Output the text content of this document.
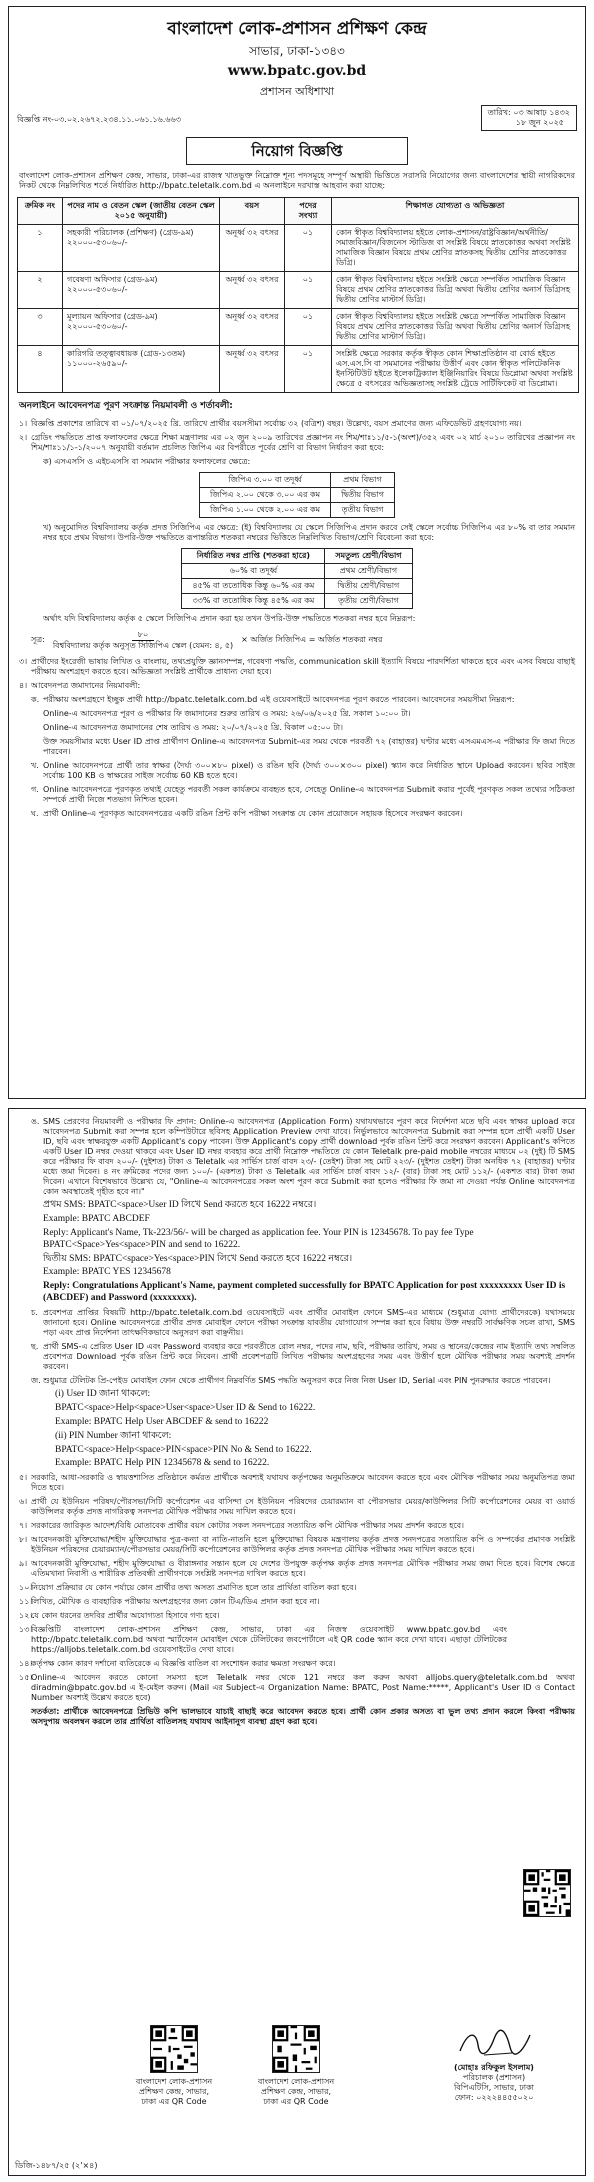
বাংলাদেশ লোক-প্রশাসন প্রশিক্ষণ কেন্দ্র
সাভার, ঢাকা-১৩৪৩
www.bpatc.gov.bd
প্রশাসন অধিশাখা
বিজ্ঞপ্তি নং-০৩.০২.২৬৭২.২৩৪.১১.০৬১.১৬.৬৬৩
তারিখ: ০৩ আষাঢ় ১৪৩২
১৮ জুন ২০২৫
নিয়োগ বিজ্ঞপ্তি
বাংলাদেশ লোক-প্রশাসন প্রশিক্ষণ কেন্দ্র, সাভার, ঢাকা-এর রাজস্ব খাতভুক্ত নিম্নোক্ত শূন্য পদসমূহে সম্পূর্ণ অস্থায়ী ভিত্তিতে সরাসরি নিয়োগের জন্য বাংলাদেশের স্থায়ী নাগরিকদের নিকট থেকে নিম্নলিখিত শর্তে নির্ধারিত http://bpatc.teletalk.com.bd এ অনলাইনে দরখাস্ত আহবান করা যাচ্ছে:
ক্রমিক নং	পদের নাম ও বেতন স্কেল (জাতীয় বেতন স্কেল ২০১৫ অনুযায়ী)	বয়স	পদের সংখ্যা	শিক্ষাগত যোগ্যতা ও অভিজ্ঞতা
১	সহকারী পরিচালক (প্রশিক্ষণ) (গ্রেড-৯ম) ২২০০০-৫৩০৬০/-	অনূর্ধ্ব ৩২ বৎসর	০১	কোন স্বীকৃত বিশ্ববিদ্যালয় হইতে লোক-প্রশাসন/রাষ্ট্রবিজ্ঞান/অর্থনীতি/সমাজবিজ্ঞান/বিজনেস স্টাডিজ বা সংশ্লিষ্ট বিষয়ে স্নাতকোত্তর অথবা সংশ্লিষ্ট সামাজিক বিজ্ঞান বিষয়ে প্রথম শ্রেণির স্নাতকসহ দ্বিতীয় শ্রেণির স্নাতকোত্তর ডিগ্রি।
২	গবেষণা অফিসার (গ্রেড-৯ম) ২২০০০-৫৩০৬০/-	অনূর্ধ্ব ৩২ বৎসর	০১	কোন স্বীকৃত বিশ্ববিদ্যালয় হইতে সংশ্লিষ্ট ক্ষেত্রে সম্পর্কিত সামাজিক বিজ্ঞান বিষয়ে প্রথম শ্রেণির স্নাতকোত্তর ডিগ্রি অথবা দ্বিতীয় শ্রেণির অনার্স ডিগ্রিসহ দ্বিতীয় শ্রেণির মাস্টার্স ডিগ্রি।
৩	মূল্যায়ন অফিসার (গ্রেড-৯ম) ২২০০০-৫৩০৬০/-	অনূর্ধ্ব ৩২ বৎসর	০১	কোন স্বীকৃত বিশ্ববিদ্যালয় হইতে সংশ্লিষ্ট ক্ষেত্রে সম্পর্কিত সামাজিক বিজ্ঞান বিষয়ে প্রথম শ্রেণির স্নাতকোত্তর ডিগ্রি অথবা দ্বিতীয় শ্রেণির অনার্স ডিগ্রিসহ দ্বিতীয় শ্রেণির মাস্টার্স ডিগ্রি।
৪	কারিগরি তত্ত্বাবধায়ক (গ্রেড-১৩তম) ১১০০০-২৬৫৯০/-	অনূর্ধ্ব ৩২ বৎসর	০১	সংশ্লিষ্ট ক্ষেত্রে সরকার কর্তৃক স্বীকৃত কোন শিক্ষাপ্রতিষ্ঠান বা বোর্ড হইতে এস.এস.সি বা সমমানের পরীক্ষায় উত্তীর্ণ এবং কোন স্বীকৃত পলিটেকনিক ইনস্টিটিউট হইতে ইলেকট্রিক্যাল ইঞ্জিনিয়ারিং বিষয়ে ডিপ্লোমা অথবা সংশ্লিষ্ট ক্ষেত্রে ৫ বৎসরের অভিজ্ঞতাসহ সংশ্লিষ্ট ট্রেডে সার্টিফিকেট বা ডিপ্লোমা।
অনলাইনে আবেদনপত্র পূরণ সংক্রান্ত নিয়মাবলী ও শর্তাবলী:
১। বিজ্ঞপ্তি প্রকাশের তারিখে বা ০১/০৭/২০২৫ খ্রি. তারিখে প্রার্থীর বয়সসীমা সর্বোচ্চ ৩২ (বত্রিশ) বছর। উল্লেখ্য, বয়স প্রমাণের জন্য এফিডেভিট গ্রহণযোগ্য নয়।
২। গ্রেডিং পদ্ধতিতে প্রাপ্ত ফলাফলের ক্ষেত্রে শিক্ষা মন্ত্রণালয় এর ০২ জুন ২০০৯ তারিখের প্রজ্ঞাপন নং শিম/শাঃ১১/৫-১(অংশ)/৩৫২ এবং ০২ মার্চ ২০১০ তারিখের প্রজ্ঞাপন নং শিম/শাঃ১১/১-১/২০০৭ অনুযায়ী বর্তমান প্রচলিত জিপিএ এর বিপরীতে পূর্বের শ্রেণি বা বিভাগ নির্ধারণ করা হবে:
ক) এসএসসি ও এইচএসসি বা সমমান পরীক্ষার ফলাফলের ক্ষেত্রে:
জিপিএ ৩.০০ বা তদূর্ধ্ব	প্রথম বিভাগ
জিপিএ ২.০০ থেকে ৩.০০ এর কম	দ্বিতীয় বিভাগ
জিপিএ ১.০০ থেকে ২.০০ এর কম	তৃতীয় বিভাগ
খ) অনুমোদিত বিশ্ববিদ্যালয় কর্তৃক প্রদত্ত সিজিপিএ এর ক্ষেত্রে: (ই) বিশ্ববিদ্যালয় যে স্কেলে সিজিপিএ প্রদান করবে সেই স্কেলে সর্বোচ্চ সিজিপিএ এর ৮০% বা তার সমমান নম্বর হবে প্রথম বিভাগ। উপরি-উক্ত পদ্ধতিতে রূপান্তরিত শতকরা নম্বরের ভিত্তিতে নিম্নলিখিত বিভাগ/শ্রেণি বিবেচনা করা হবে:
নির্ধারিত নম্বর প্রাপ্তি (শতকরা হারে)	সমতুল্য শ্রেণী/বিভাগ
৬০% বা তদূর্ধ্ব	প্রথম শ্রেণী/বিভাগ
৪৫% বা ততোধিক কিন্তু ৬০% এর কম	দ্বিতীয় শ্রেণী/বিভাগ
৩৩% বা ততোধিক কিন্তু ৪৫% এর কম	তৃতীয় শ্রেণী/বিভাগ
অর্থাৎ যদি বিশ্ববিদ্যালয় কর্তৃক ৫ স্কেলে সিজিপিএ প্রদান করা হয় তখন উপরি-উক্ত পদ্ধতিতে শতকরা নম্বর হবে নিম্নরূপ:
সূত্র: $\frac{৮০}{\text{বিশ্ববিদ্যালয় কর্তৃক অনুসৃত সিজিপিএ স্কেল (যেমন: ৪, ৫)}}$ × অর্জিত সিজিপিএ = অর্জিত শতকরা নম্বর
৩। প্রার্থীদের ইংরেজী ভাষায় লিখিত ও বাংলায়, তথ্যপ্রযুক্তি জ্ঞানসম্পন্ন, গবেষণা পদ্ধতি, communication skill ইত্যাদি বিষয়ে পারদর্শিতা থাকতে হবে এবং এসব বিষয়ে বাছাই পরীক্ষায় অংশগ্রহণ করতে হবে। অভিজ্ঞতা সংশ্লিষ্ট প্রার্থীকে প্রাধান্য দেয়া হবে।
৪। আবেদনপত্র জমাদানের নিয়মাবলী:
ক. পরীক্ষায় অংশগ্রহণে ইচ্ছুক প্রার্থী http://bpatc.teletalk.com.bd এই ওয়েবসাইটে আবেদনপত্র পূরণ করতে পারবেন। আবেদনের সময়সীমা নিম্নরূপ:
Online-এ আবেদনপত্র পূরণ ও পরীক্ষার ফি জমাদানের শুরুর তারিখ ও সময়: ২৬/০৬/২০২৫ খ্রি. সকাল ১০:০০ টা।
Online-এ আবেদনপত্র জমাদানের শেষ তারিখ ও সময়: ২০/০৭/২০২৫ খ্রি. বিকাল ০৫:০০ টা।
উক্ত সময়সীমার মধ্যে User ID প্রাপ্ত প্রার্থীগণ Online-এ আবেদনপত্র Submit-এর সময় থেকে পরবর্তী ৭২ (বাহাত্তর) ঘণ্টার মধ্যে এসএমএস-এ পরীক্ষার ফি জমা দিতে পারবেন।
খ. Online আবেদনপত্রে প্রার্থী তার স্বাক্ষর (দৈর্ঘ্য ৩০০×৮০ pixel) ও রঙিন ছবি (দৈর্ঘ্য ৩০০×৩০০ pixel) স্ক্যান করে নির্ধারিত স্থানে Upload করবেন। ছবির সাইজ সর্বোচ্চ 100 KB ও স্বাক্ষরের সাইজ সর্বোচ্চ 60 KB হতে হবে।
গ. Online আবেদনপত্রে পূরণকৃত তথ্যই যেহেতু পরবর্তী সকল কার্যক্রমে ব্যবহৃত হবে, সেহেতু Online-এ আবেদনপত্র Submit করার পূর্বেই পূরণকৃত সকল তথ্যের সঠিকতা সম্পর্কে প্রার্থী নিজে শতভাগ নিশ্চিত হবেন।
ঘ. প্রার্থী Online-এ পূরণকৃত আবেদনপত্রের একটি রঙিন প্রিন্ট কপি পরীক্ষা সংক্রান্ত যে কোন প্রয়োজনে সহায়ক হিসেবে সংরক্ষণ করবেন।
ঙ. SMS প্রেরণের নিয়মাবলী ও পরীক্ষার ফি প্রদান: Online-এ আবেদনপত্র (Application Form) যথাযথভাবে পূরণ করে নির্দেশনা মতে ছবি এবং স্বাক্ষর upload করে আবেদনপত্র Submit করা সম্পন্ন হলে কম্পিউটারে ছবিসহ Application Preview দেখা যাবে। নির্ভুলভাবে আবেদনপত্র Submit করা সম্পন্ন হলে প্রার্থী একটি User ID, ছবি এবং স্বাক্ষরযুক্ত একটি Applicant's copy পাবেন। উক্ত Applicant's copy প্রার্থী download পূর্বক রঙিন প্রিন্ট করে সংরক্ষণ করবেন। Applicant's কপিতে একটি User ID নম্বর দেওয়া থাকবে এবং User ID নম্বর ব্যবহার করে প্রার্থী নিম্নোক্ত পদ্ধতিতে যে কোন Teletalk pre-paid mobile নম্বরের মাধ্যমে ০২ (দুই) টি SMS করে পরীক্ষার ফি বাবদ ২০০/- (দুইশত) টাকা ও Teletalk এর সার্ভিস চার্জ বাবদ ২৩/- (তেইশ) টাকা সহ মোট ২২৩/- (দুইশত তেইশ) টাকা অনধিক ৭২ (বাহাত্তর) ঘণ্টার মধ্যে জমা দিবেন। ৪ নং ক্রমিকের পদের জন্য ১০০/- (একশত) টাকা ও Teletalk এর সার্ভিস চার্জ বাবদ ১২/- (বার) টাকা সহ মোট ১১২/- (একশত বার) টাকা জমা দিবেন। এখানে বিশেষভাবে উল্লেখ্য যে, "Online-এ আবেদনপত্রের সকল অংশ পূরণ করে Submit করা হলেও পরীক্ষার ফি জমা না দেওয়া পর্যন্ত Online আবেদনপত্র কোন অবস্থাতেই গৃহীত হবে না।"
প্রথম SMS: BPATC<space>User ID লিখে Send করতে হবে 16222 নম্বরে।
Example: BPATC ABCDEF
Reply: Applicant's Name, Tk-223/56/- will be charged as application fee. Your PIN is 12345678. To pay fee Type BPATC<Space>Yes<space>PIN and send to 16222.
দ্বিতীয় SMS: BPATC<space>Yes<space>PIN লিখে Send করতে হবে 16222 নম্বরে।
Example: BPATC YES 12345678
Reply: Congratulations Applicant's Name, payment completed successfully for BPATC Application for post xxxxxxxxx User ID is (ABCDEF) and Password (xxxxxxxx).
চ. প্রবেশপত্র প্রাপ্তির বিষয়টি http://bpatc.teletalk.com.bd ওয়েবসাইটে এবং প্রার্থীর মোবাইল ফোনে SMS-এর মাধ্যমে (শুধুমাত্র যোগ্য প্রার্থীদেরকে) যথাসময়ে জানানো হবে। Online আবেদনপত্রে প্রার্থীর প্রদত্ত মোবাইল ফোনে পরীক্ষা সংক্রান্ত যাবতীয় যোগাযোগ সম্পন্ন করা হবে বিধায় উক্ত নম্বরটি সার্বক্ষণিক সচল রাখা, SMS পড়া এবং প্রাপ্ত নির্দেশনা তাৎক্ষণিকভাবে অনুসরণ করা বাঞ্ছনীয়।
ছ. প্রার্থী SMS-এ প্রেরিত User ID এবং Password ব্যবহার করে পরবর্তীতে রোল নম্বর, পদের নাম, ছবি, পরীক্ষার তারিখ, সময় ও স্থানের/কেন্দ্রের নাম ইত্যাদি তথ্য সম্বলিত প্রবেশপত্র Download পূর্বক রঙিন প্রিন্ট করে নিবেন। প্রার্থী প্রবেশপত্রটি লিখিত পরীক্ষায় অংশগ্রহণের সময় এবং উত্তীর্ণ হলে মৌখিক পরীক্ষার সময় অবশ্যই প্রদর্শন করবেন।
জ. শুধুমাত্র টেলিটক প্রি-পেইড মোবাইল ফোন থেকে প্রার্থীগণ নিম্নবর্ণিত SMS পদ্ধতি অনুসরণ করে নিজ নিজ User ID, Serial এবং PIN পুনরুদ্ধার করতে পারবেন।
(i) User ID জানা থাকলে:
BPATC<space>Help<space>User<space>User ID & Send to 16222.
Example: BPATC Help User ABCDEF & send to 16222
(ii) PIN Number জানা থাকলে:
BPATC<space>Help<space>PIN<space>PIN No & Send to 16222.
Example: BPATC Help PIN 12345678 & send to 16222.
৫। সরকারি, আধা-সরকারি ও স্বায়ত্তশাসিত প্রতিষ্ঠানে কর্মরত প্রার্থীকে অবশ্যই যথাযথ কর্তৃপক্ষের অনুমতিক্রমে আবেদন করতে হবে এবং মৌখিক পরীক্ষার সময় অনুমতিপত্র জমা দিতে হবে।
৬। প্রার্থী যে ইউনিয়ন পরিষদ/পৌরসভা/সিটি কর্পোরেশন এর বাসিন্দা সে ইউনিয়ন পরিষদের চেয়ারম্যান বা পৌরসভার মেয়র/কাউন্সিলর সিটি কর্পোরেশনের মেয়র বা ওয়ার্ড কাউন্সিলর কর্তৃক প্রদত্ত নাগরিকত্ব সনদপত্র মৌখিক পরীক্ষার সময় দাখিল করতে হবে।
৭। সরকারের জারিকৃত আদেশ/বিধি মোতাবেক প্রার্থীর বয়স কোটার সকল সনদপত্রের সত্যায়িত কপি মৌখিক পরীক্ষার সময় প্রদর্শন করতে হবে।
৮। আবেদনকারী মুক্তিযোদ্ধা/শহীদ মুক্তিযোদ্ধার পুত্র-কন্যা বা নাতি-নাতনি হলে মুক্তিযোদ্ধা বিষয়ক মন্ত্রণালয় কর্তৃক প্রদত্ত সনদপত্রের সত্যায়িত কপি ও সম্পর্কের প্রমাণক সংশ্লিষ্ট ইউনিয়ন পরিষদের চেয়ারম্যান/পৌরসভার মেয়র/সিটি কর্পোরেশনের কাউন্সিলর কর্তৃক প্রদত্ত সনদপত্র মৌখিক পরীক্ষার সময় দাখিল করতে হবে।
৯। আবেদনকারী মুক্তিযোদ্ধা, শহীদ মুক্তিযোদ্ধা ও বীরাঙ্গনার সন্তান হলে যে দেশের উপযুক্ত কর্তৃপক্ষ কর্তৃক প্রদত্ত সনদপত্র মৌখিক পরীক্ষার সময় জমা দিতে হবে। বিশেষ ক্ষেত্রে এতিমখানা নিবাসী ও শারীরিক প্রতিবন্ধী প্রার্থীগণকে সংশ্লিষ্ট সনদপত্র দাখিল করতে হবে।
১০।
নিয়োগ প্রক্রিয়ার যে কোন পর্যায়ে কোন প্রার্থীর তথ্য অসত্য প্রমাণিত হলে তার প্রার্থিতা বাতিল করা হবে।
১১।
লিখিত, মৌখিক ও ব্যবহারিক পরীক্ষায় অংশগ্রহণের জন্য কোন টিএ/ডিএ প্রদান করা হবে না।
১২।
যে কোন ধরনের তদবির প্রার্থীর অযোগ্যতা হিসাবে গণ্য হবে।
১৩।
বিজ্ঞপ্তিটি বাংলাদেশ লোক-প্রশাসন প্রশিক্ষণ কেন্দ্র, সাভার, ঢাকা এর নিজস্ব ওয়েবসাইট www.bpatc.gov.bd এবং http://bpatc.teletalk.com.bd অথবা স্মার্টফোন মোবাইল থেকে টেলিটকের জবপোর্টালে এই QR code স্ক্যান করে দেখা যাবে। এছাড়া টেলিটকের https://alljobs.teletalk.com.bd ওয়েবসাইটেও দেখা যাবে।
১৪।
কর্তৃপক্ষ কোন কারণ দর্শানো ব্যতিরেকে এ বিজ্ঞপ্তি বাতিল বা সংশোধন করার ক্ষমতা সংরক্ষণ করে।
১৫।
Online-এ আবেদন করতে কোনো সমস্যা হলে Teletalk নম্বর থেকে 121 নম্বরে কল করুন অথবা alljobs.query@teletalk.com.bd অথবা diradmin@bpatc.gov.bd এ ই-মেইল করুন। (Mail এর Subject-এ Organization Name: BPATC, Post Name:*****, Applicant's User ID ও Contact Number অবশ্যই উল্লেখ করতে হবে)
সতর্কতা: প্রার্থীকে আবেদনপত্রে প্রিভিউ কপি ভালভাবে যাচাই বাছাই করে আবেদন করতে হবে। প্রার্থী কোন প্রকার অসত্য বা ভুল তথ্য প্রদান করলে কিংবা পরীক্ষায় অসদুপায় অবলম্বন করলে তার প্রার্থিতা বাতিলসহ যথাযথ আইনানুগ ব্যবস্থা গ্রহণ করা হবে।
বাংলাদেশ লোক-প্রশাসন
প্রশিক্ষণ কেন্দ্র, সাভার,
ঢাকা এর QR Code
বাংলাদেশ লোক-প্রশাসন
প্রশিক্ষণ কেন্দ্র, সাভার,
ঢাকা এর QR Code
(মোহাঃ রফিকুল ইসলাম)
পরিচালক (প্রশাসন)
বিপিএটিসি, সাভার, ঢাকা
ফোন: ০২২২৪৪৫৫০২০
ডিজি-১৪৮৭/২৫ (২'×৪)
